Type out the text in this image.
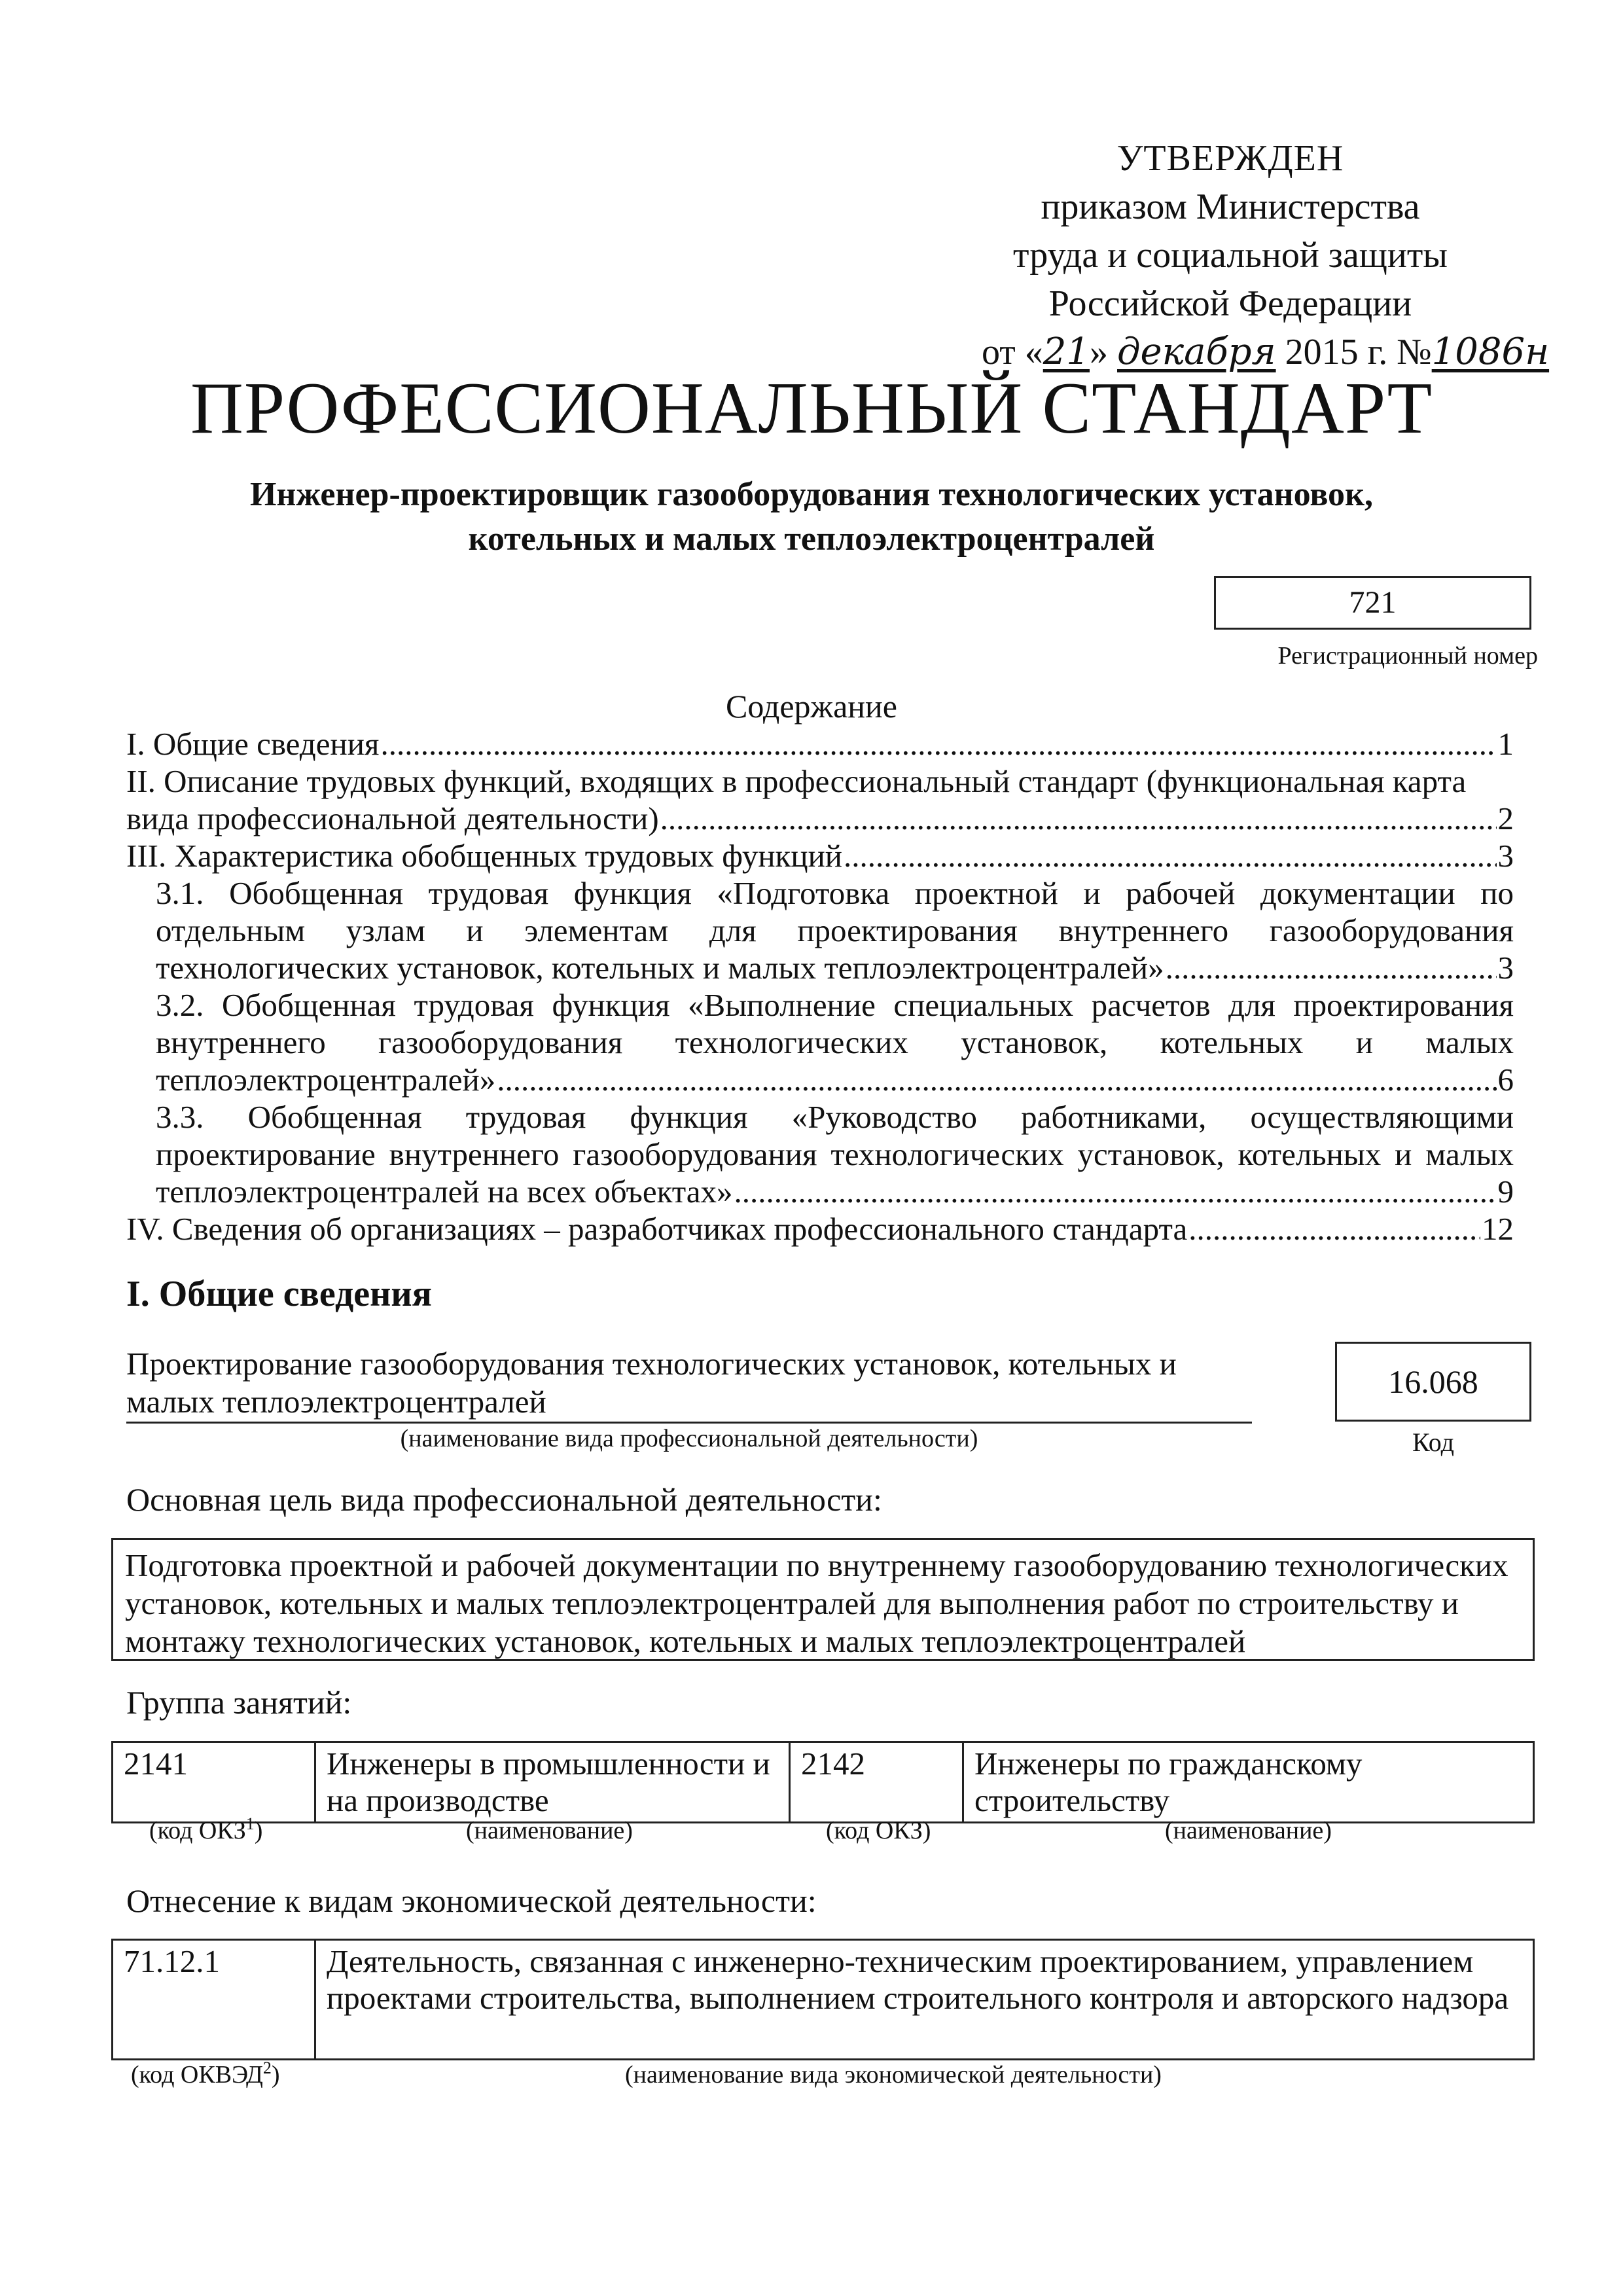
УТВЕРЖДЕН
приказом Министерства
труда и социальной защиты
Российской Федерации
от «21» декабря 2015 г. №1086н
ПРОФЕССИОНАЛЬНЫЙ СТАНДАРТ
Инженер-проектировщик газооборудования технологических установок,
котельных и малых теплоэлектроцентралей
721
Регистрационный номер
Содержание
I. Общие сведения .....	1
II. Описание трудовых функций, входящих в профессиональный стандарт (функциональная карта
вида профессиональной деятельности) .....	2
III. Характеристика обобщенных трудовых функций .....	3
3.1. Обобщенная трудовая функция «Подготовка проектной и рабочей документации по
отдельным узлам и элементам для проектирования внутреннего газооборудования
технологических установок, котельных и малых теплоэлектроцентралей» .....	3
3.2. Обобщенная трудовая функция «Выполнение специальных расчетов для проектирования
внутреннего газооборудования технологических установок, котельных и малых
теплоэлектроцентралей» .....	6
3.3. Обобщенная трудовая функция «Руководство работниками, осуществляющими
проектирование внутреннего газооборудования технологических установок, котельных и малых
теплоэлектроцентралей на всех объектах» .....	9
IV. Сведения об организациях – разработчиках профессионального стандарта .....	12
I. Общие сведения
Проектирование газооборудования технологических установок, котельных и
малых теплоэлектроцентралей
(наименование вида профессиональной деятельности)
16.068
Код
Основная цель вида профессиональной деятельности:
Подготовка проектной и рабочей документации по внутреннему газооборудованию технологических установок, котельных и малых теплоэлектроцентралей для выполнения работ по строительству и монтажу технологических установок, котельных и малых теплоэлектроцентралей
Группа занятий:
2141	Инженеры в промышленности и на производстве	2142	Инженеры по гражданскому строительству
(код ОКЗ$^1$)	(наименование)	(код ОКЗ)	(наименование)
Отнесение к видам экономической деятельности:
71.12.1	Деятельность, связанная с инженерно-техническим проектированием, управлением проектами строительства, выполнением строительного контроля и авторского надзора
(код ОКВЭД$^2$)	(наименование вида экономической деятельности)
